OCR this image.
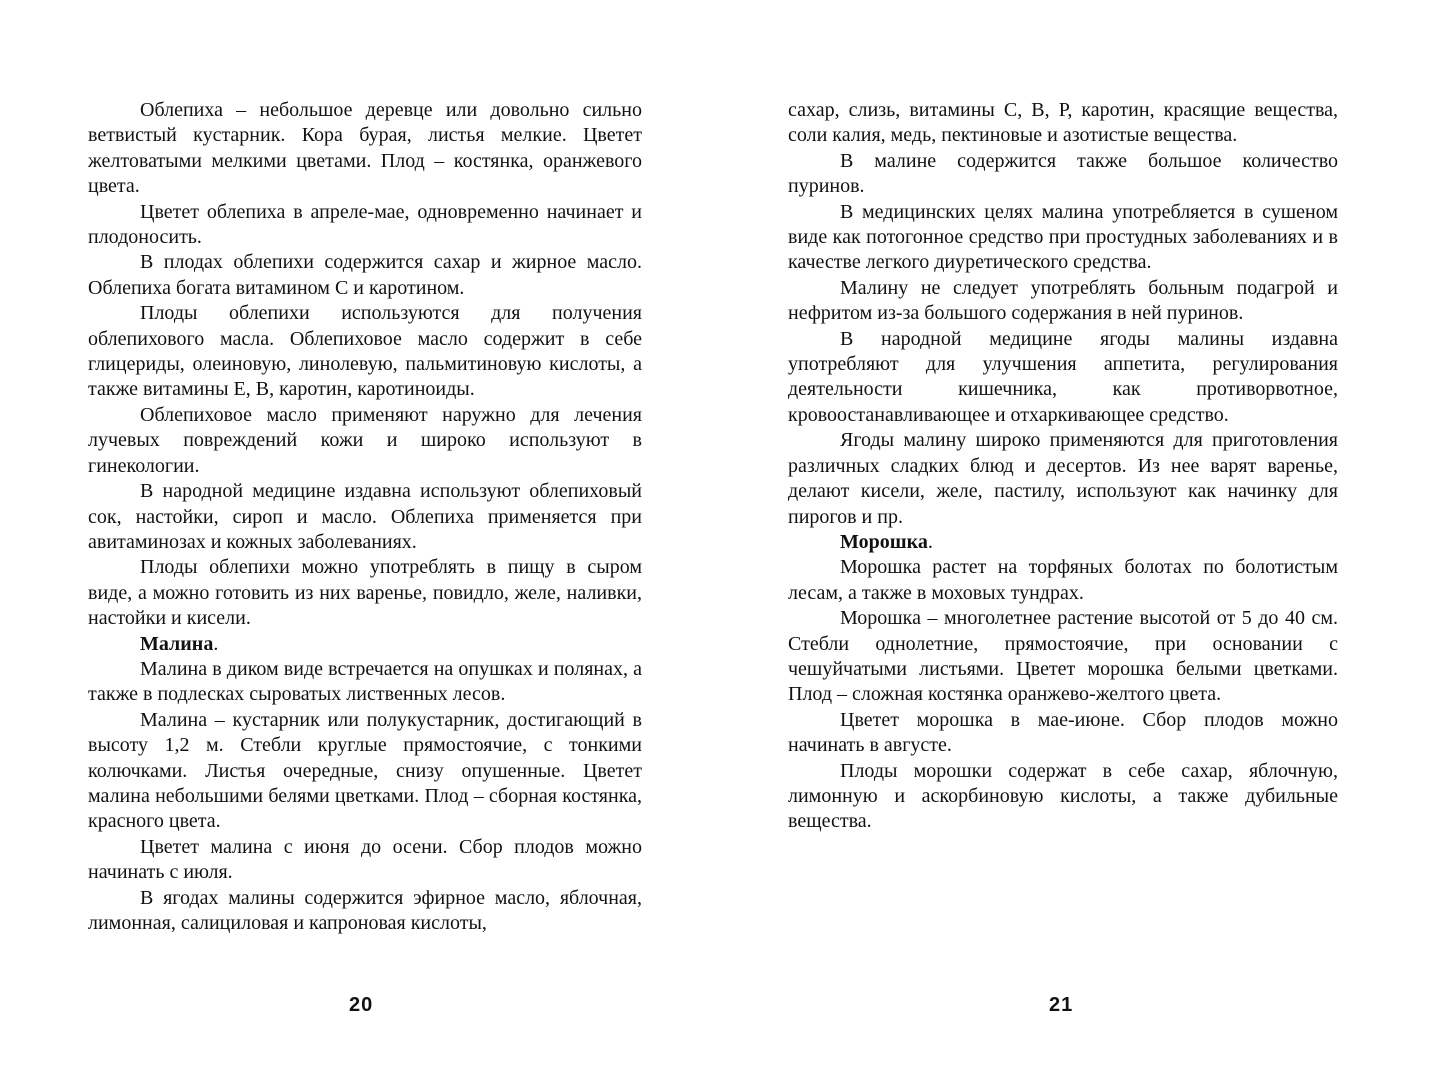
Облепиха – небольшое деревце или довольно сильно ветвистый кустарник. Кора бурая, листья мелкие. Цветет желтоватыми мелкими цветами. Плод – костянка, оранжевого цвета.

Цветет облепиха в апреле-мае, одновременно начинает и плодоносить.

В плодах облепихи содержится сахар и жирное масло. Облепиха богата витамином С и каротином.

Плоды облепихи используются для получения облепихового масла. Облепиховое масло содержит в себе глицериды, олеиновую, линолевую, пальмитиновую кислоты, а также витамины Е, В, каротин, каротиноиды.

Облепиховое масло применяют наружно для лечения лучевых повреждений кожи и широко используют в гинекологии.

В народной медицине издавна используют облепиховый сок, настойки, сироп и масло. Облепиха применяется при авитаминозах и кожных заболеваниях.

Плоды облепихи можно употреблять в пищу в сыром виде, а можно готовить из них варенье, повидло, желе, наливки, настойки и кисели.

Малина.

Малина в диком виде встречается на опушках и полянах, а также в подлесках сыроватых лиственных лесов.

Малина – кустарник или полукустарник, достигающий в высоту 1,2 м. Стебли круглые прямостоячие, с тонкими колючками. Листья очередные, снизу опушенные. Цветет малина небольшими белями цветками. Плод – сборная костянка, красного цвета.

Цветет малина с июня до осени. Сбор плодов можно начинать с июля.

В ягодах малины содержится эфирное масло, яблочная, лимонная, салициловая и капроновая кислоты,

20

сахар, слизь, витамины С, В, Р, каротин, красящие вещества, соли калия, медь, пектиновые и азотистые вещества.

В малине содержится также большое количество пуринов.

В медицинских целях малина употребляется в сушеном виде как потогонное средство при простудных заболеваниях и в качестве легкого диуретического средства.

Малину не следует употреблять больным подагрой и нефритом из-за большого содержания в ней пуринов.

В народной медицине ягоды малины издавна употребляют для улучшения аппетита, регулирования деятельности кишечника, как противорвотное, кровоостанавливающее и отхаркивающее средство.

Ягоды малину широко применяются для приготовления различных сладких блюд и десертов. Из нее варят варенье, делают кисели, желе, пастилу, используют как начинку для пирогов и пр.

Морошка.

Морошка растет на торфяных болотах по болотистым лесам, а также в моховых тундрах.

Морошка – многолетнее растение высотой от 5 до 40 см. Стебли однолетние, прямостоячие, при основании с чешуйчатыми листьями. Цветет морошка белыми цветками. Плод – сложная костянка оранжево-желтого цвета.

Цветет морошка в мае-июне. Сбор плодов можно начинать в августе.

Плоды морошки содержат в себе сахар, яблочную, лимонную и аскорбиновую кислоты, а также дубильные вещества.

21
